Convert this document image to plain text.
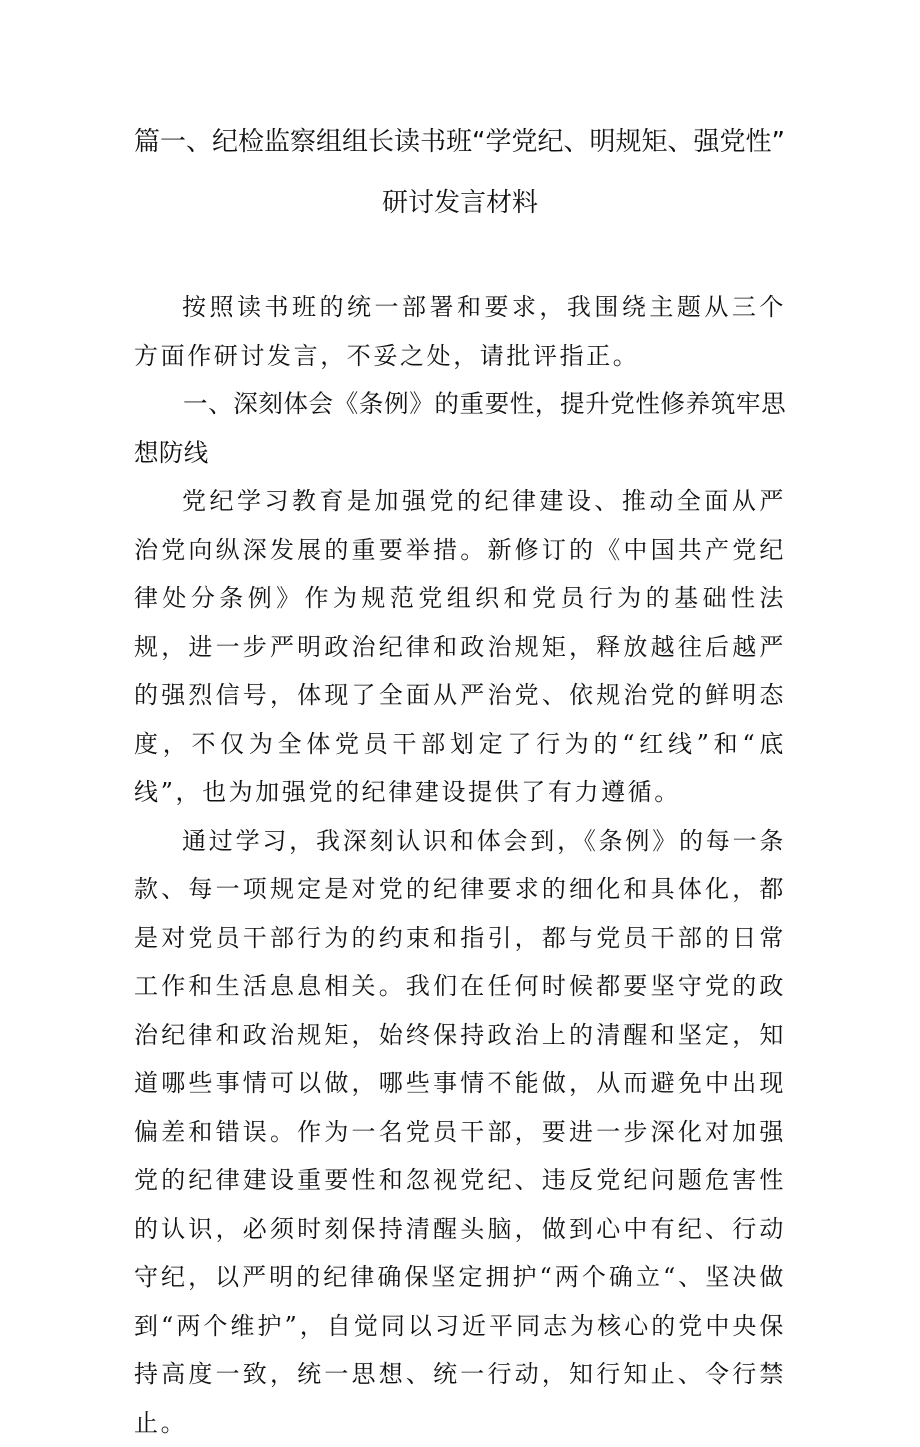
篇一、纪检监察组组长读书班“学党纪、明规矩、强党性”
研讨发言材料

按照读书班的统一部署和要求，我围绕主题从三个方面作研讨发言，不妥之处，请批评指正。

一、深刻体会《条例》的重要性，提升党性修养筑牢思想防线

党纪学习教育是加强党的纪律建设、推动全面从严治党向纵深发展的重要举措。新修订的《中国共产党纪律处分条例》作为规范党组织和党员行为的基础性法规，进一步严明政治纪律和政治规矩，释放越往后越严的强烈信号，体现了全面从严治党、依规治党的鲜明态度，不仅为全体党员干部划定了行为的“红线”和“底线”，也为加强党的纪律建设提供了有力遵循。

通过学习，我深刻认识和体会到，《条例》的每一条款、每一项规定是对党的纪律要求的细化和具体化，都是对党员干部行为的约束和指引，都与党员干部的日常工作和生活息息相关。我们在任何时候都要坚守党的政治纪律和政治规矩，始终保持政治上的清醒和坚定，知道哪些事情可以做，哪些事情不能做，从而避免中出现偏差和错误。作为一名党员干部，要进一步深化对加强党的纪律建设重要性和忽视党纪、违反党纪问题危害性的认识，必须时刻保持清醒头脑，做到心中有纪、行动守纪，以严明的纪律确保坚定拥护“两个确立“、坚决做到“两个维护”，自觉同以习近平同志为核心的党中央保持高度一致，统一思想、统一行动，知行知止、令行禁止。
